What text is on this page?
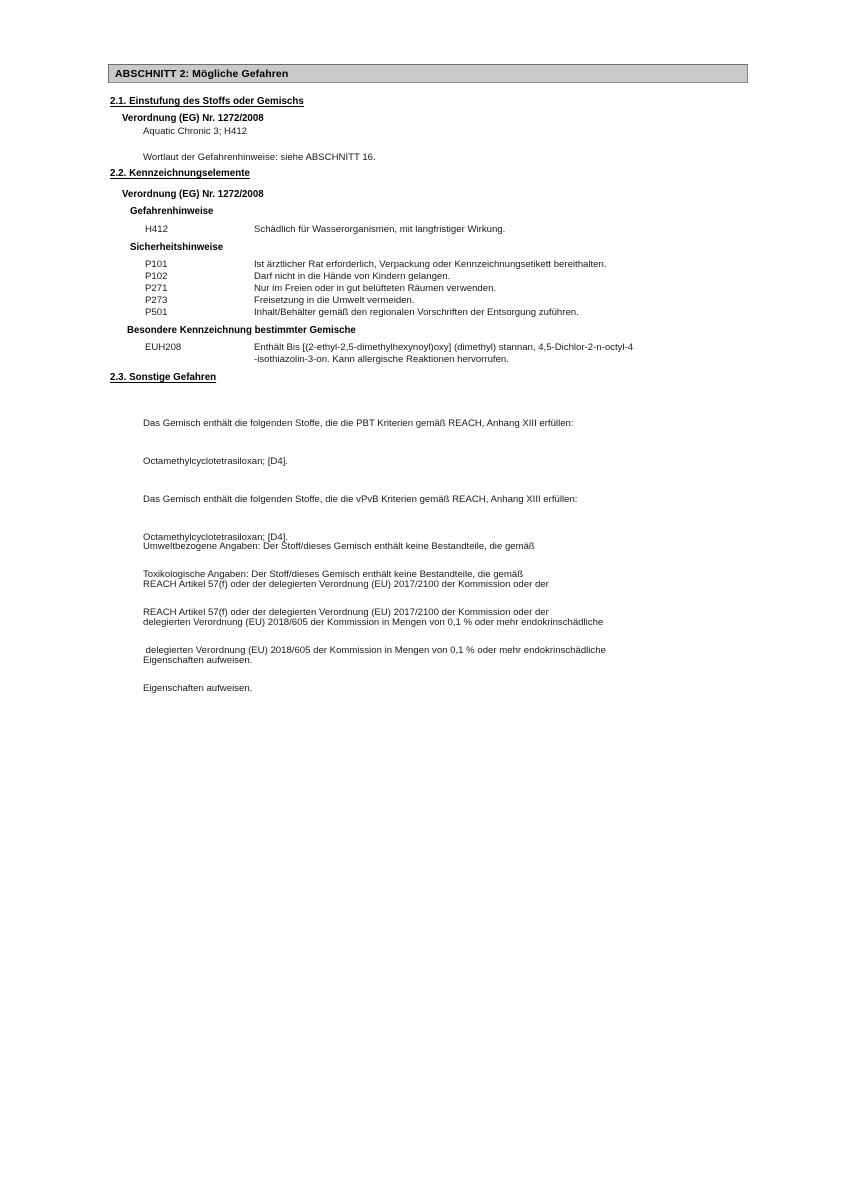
ABSCHNITT 2: Mögliche Gefahren
2.1. Einstufung des Stoffs oder Gemischs
Verordnung (EG) Nr. 1272/2008
Aquatic Chronic 3; H412
Wortlaut der Gefahrenhinweise: siehe ABSCHNITT 16.
2.2. Kennzeichnungselemente
Verordnung (EG) Nr. 1272/2008
Gefahrenhinweise
H412	Schädlich für Wasserorganismen, mit langfristiger Wirkung.
Sicherheitshinweise
P101	Ist ärztlicher Rat erforderlich, Verpackung oder Kennzeichnungsetikett bereithalten.
P102	Darf nicht in die Hände von Kindern gelangen.
P271	Nur im Freien oder in gut belüfteten Räumen verwenden.
P273	Freisetzung in die Umwelt vermeiden.
P501	Inhalt/Behälter gemäß den regionalen Vorschriften der Entsorgung zuführen.
Besondere Kennzeichnung bestimmter Gemische
EUH208	Enthält Bis [(2-ethyl-2,5-dimethylhexynoyl)oxy] (dimethyl) stannan, 4,5-Dichlor-2-n-octyl-4
-isothiazolin-3-on. Kann allergische Reaktionen hervorrufen.
2.3. Sonstige Gefahren

Das Gemisch enthält die folgenden Stoffe, die die PBT Kriterien gemäß REACH, Anhang XIII erfüllen:

Octamethylcyclotetrasiloxan; [D4].

Das Gemisch enthält die folgenden Stoffe, die die vPvB Kriterien gemäß REACH, Anhang XIII erfüllen:

Octamethylcyclotetrasiloxan; [D4].

Toxikologische Angaben: Der Stoff/dieses Gemisch enthält keine Bestandteile, die gemäß

REACH Artikel 57(f) oder der delegierten Verordnung (EU) 2017/2100 der Kommission oder der

delegierten Verordnung (EU) 2018/605 der Kommission in Mengen von 0,1 % oder mehr endokrinschädliche

Eigenschaften aufweisen.

Umweltbezogene Angaben: Der Stoff/dieses Gemisch enthält keine Bestandteile, die gemäß

REACH Artikel 57(f) oder der delegierten Verordnung (EU) 2017/2100 der Kommission oder der

delegierten Verordnung (EU) 2018/605 der Kommission in Mengen von 0,1 % oder mehr endokrinschädliche

Eigenschaften aufweisen.
